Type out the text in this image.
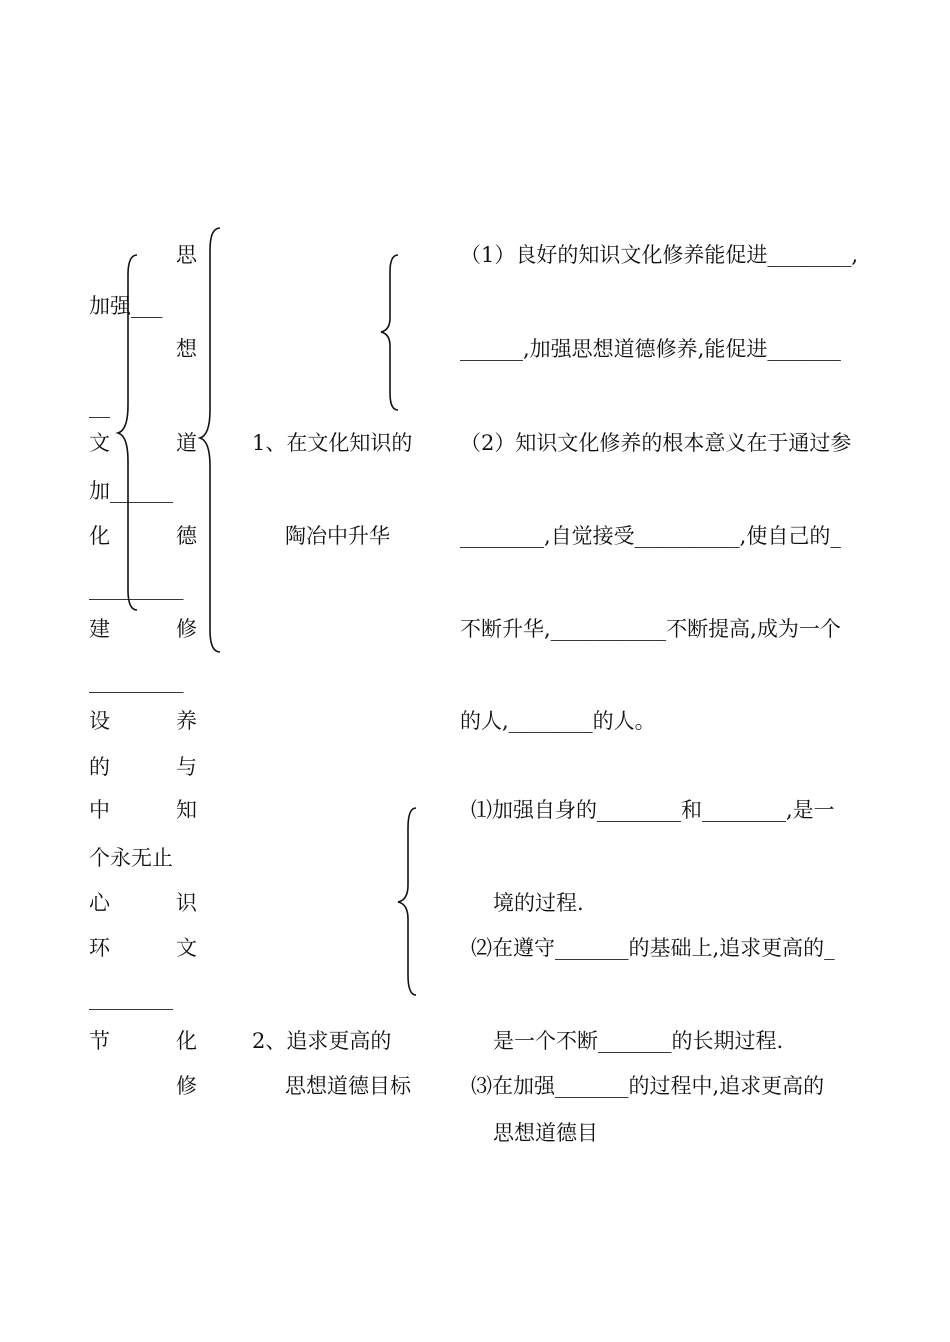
加强___
__
文
加______
化
_________
建
_________
设
的
中
个永无止
心
环
________
节
思
想
道
德
修
养
与
知
识
文
化
修
1、在文化知识的
陶冶中升华
2、追求更高的
思想道德目标
（1）良好的知识文化修养能促进________,
______,加强思想道德修养,能促进_______
（2）知识文化修养的根本意义在于通过参
________,自觉接受__________,使自己的_
不断升华,___________不断提高,成为一个
的人,________的人。
⑴加强自身的________和________,是一
境的过程.
⑵在遵守_______的基础上,追求更高的_
是一个不断_______的长期过程.
⑶在加强_______的过程中,追求更高的
思想道德目
